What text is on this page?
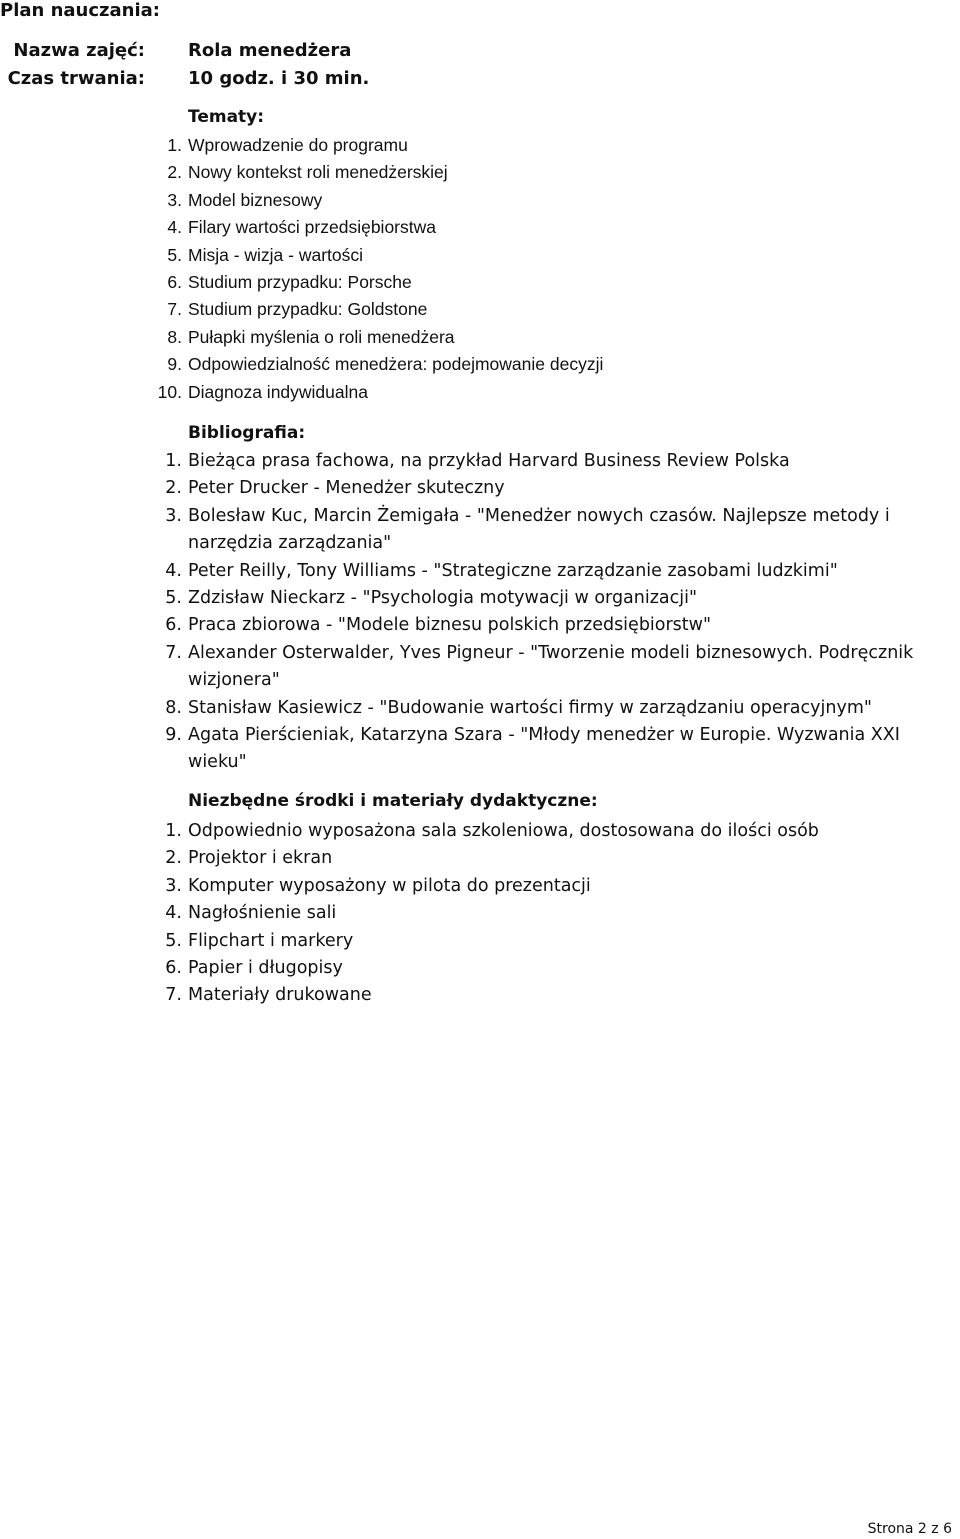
Plan nauczania:
Nazwa zajęć: Rola menedżera
Czas trwania: 10 godz. i 30 min.
Tematy:
1. Wprowadzenie do programu
2. Nowy kontekst roli menedżerskiej
3. Model biznesowy
4. Filary wartości przedsiębiorstwa
5. Misja - wizja - wartości
6. Studium przypadku: Porsche
7. Studium przypadku: Goldstone
8. Pułapki myślenia o roli menedżera
9. Odpowiedzialność menedżera: podejmowanie decyzji
10. Diagnoza indywidualna
Bibliografia:
1. Bieżąca prasa fachowa, na przykład Harvard Business Review Polska
2. Peter Drucker - Menedżer skuteczny
3. Bolesław Kuc, Marcin Żemigała - "Menedżer nowych czasów. Najlepsze metody i narzędzia zarządzania"
4. Peter Reilly, Tony Williams - "Strategiczne zarządzanie zasobami ludzkimi"
5. Zdzisław Nieckarz - "Psychologia motywacji w organizacji"
6. Praca zbiorowa - "Modele biznesu polskich przedsiębiorstw"
7. Alexander Osterwalder, Yves Pigneur - "Tworzenie modeli biznesowych. Podręcznik wizjonera"
8. Stanisław Kasiewicz - "Budowanie wartości firmy w zarządzaniu operacyjnym"
9. Agata Pierścieniak, Katarzyna Szara - "Młody menedżer w Europie. Wyzwania XXI wieku"
Niezbędne środki i materiały dydaktyczne:
1. Odpowiednio wyposażona sala szkoleniowa, dostosowana do ilości osób
2. Projektor i ekran
3. Komputer wyposażony w pilota do prezentacji
4. Nagłośnienie sali
5. Flipchart i markery
6. Papier i długopisy
7. Materiały drukowane
Strona 2 z 6
